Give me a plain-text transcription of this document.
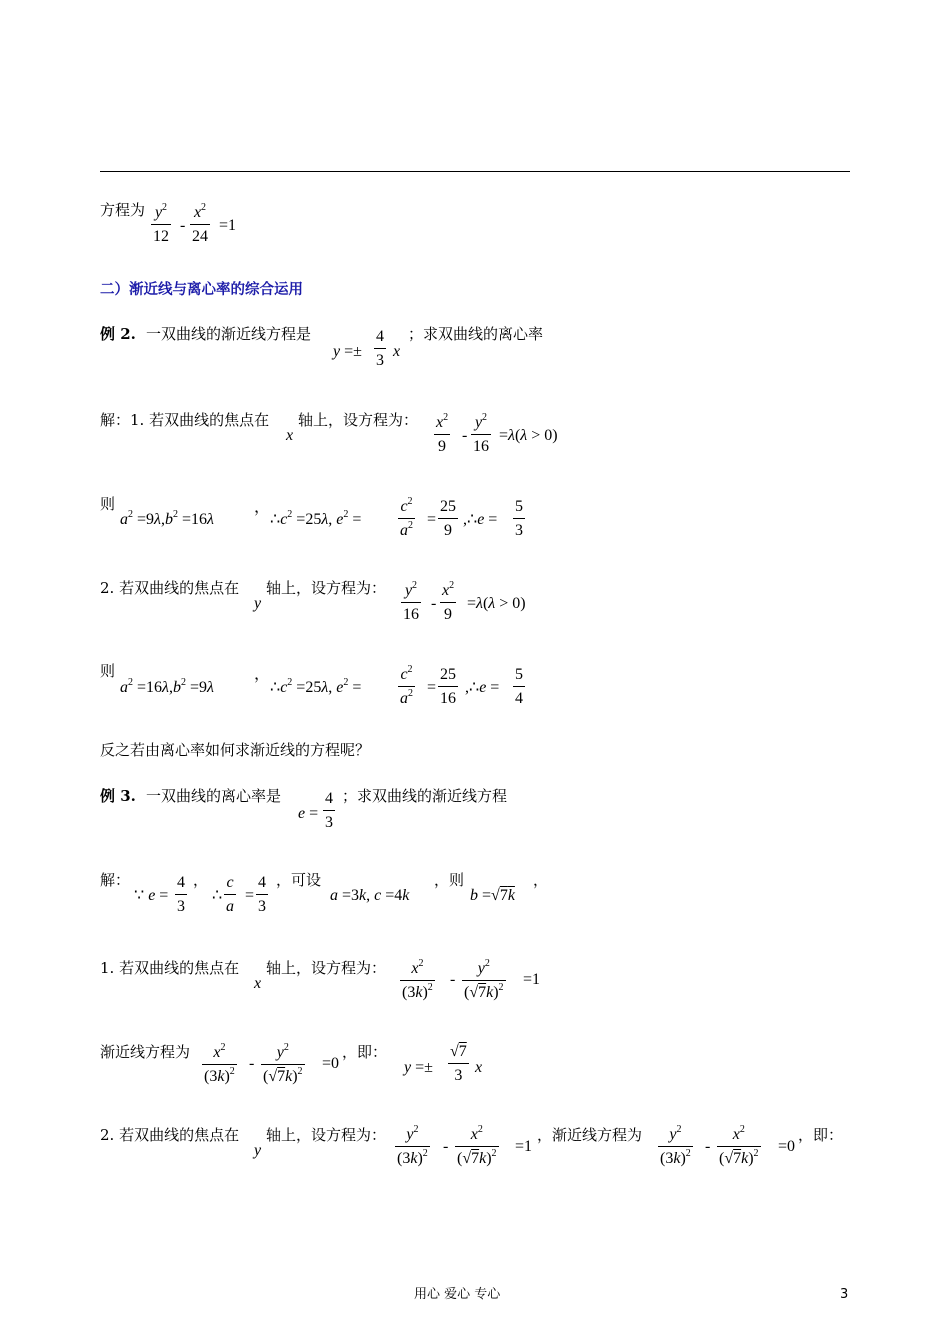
方程为 $\frac{y^2}{12} - \frac{x^2}{24} =1$
二）渐近线与离心率的综合运用
例 2. 一双曲线的渐近线方程是
$y =\pm \frac{4}{3}$ x
；求双曲线的离心率
解：1. 若双曲线的焦点在
x
轴上，设方程为： $\frac{x^2}{9} - \frac{y^2}{16} =\lambda(\lambda > 0)$
则
$a^2 =9\lambda,b^2 =16\lambda$
，
$\therefore c^2 =25\lambda$, $e^2 = \frac{c^2}{a^2} = \frac{25}{9}$ ,∴e = $\frac{5}{3}$
2. 若双曲线的焦点在
y
轴上，设方程为： $\frac{y^2}{16} - \frac{x^2}{9} =\lambda(\lambda > 0)$
则
$a^2 =16\lambda,b^2 =9\lambda$
，
$\therefore c^2 =25\lambda$, $e^2 = \frac{c^2}{a^2} = \frac{25}{16}$ ,∴e = $\frac{5}{4}$
反之若由离心率如何求渐近线的方程呢？
例 3. 一双曲线的离心率是
$e = \frac{4}{3}$ ；求双曲线的渐近线方程
解：
∵ $e = \frac{4}{3}$ ，
∴ $\frac{c}{a} = \frac{4}{3}$ ，可设
a =3k, c =4k
，则
b =√7k
，
1. 若双曲线的焦点在
x
轴上，设方程为： $\frac{x^2}{(3k)^2} - \frac{y^2}{(√7k)^2} =1$
渐近线方程为 $\frac{x^2}{(3k)^2} - \frac{y^2}{(√7k)^2} =0$
，即：
$y =\pm \frac{√7}{3}$ x
2. 若双曲线的焦点在
y
轴上，设方程为： $\frac{y^2}{(3k)^2} - \frac{x^2}{(√7k)^2} =1$
，渐近线方程为 $\frac{y^2}{(3k)^2} - \frac{x^2}{(√7k)^2} =0$
，即：
用心 爱心 专心	3
